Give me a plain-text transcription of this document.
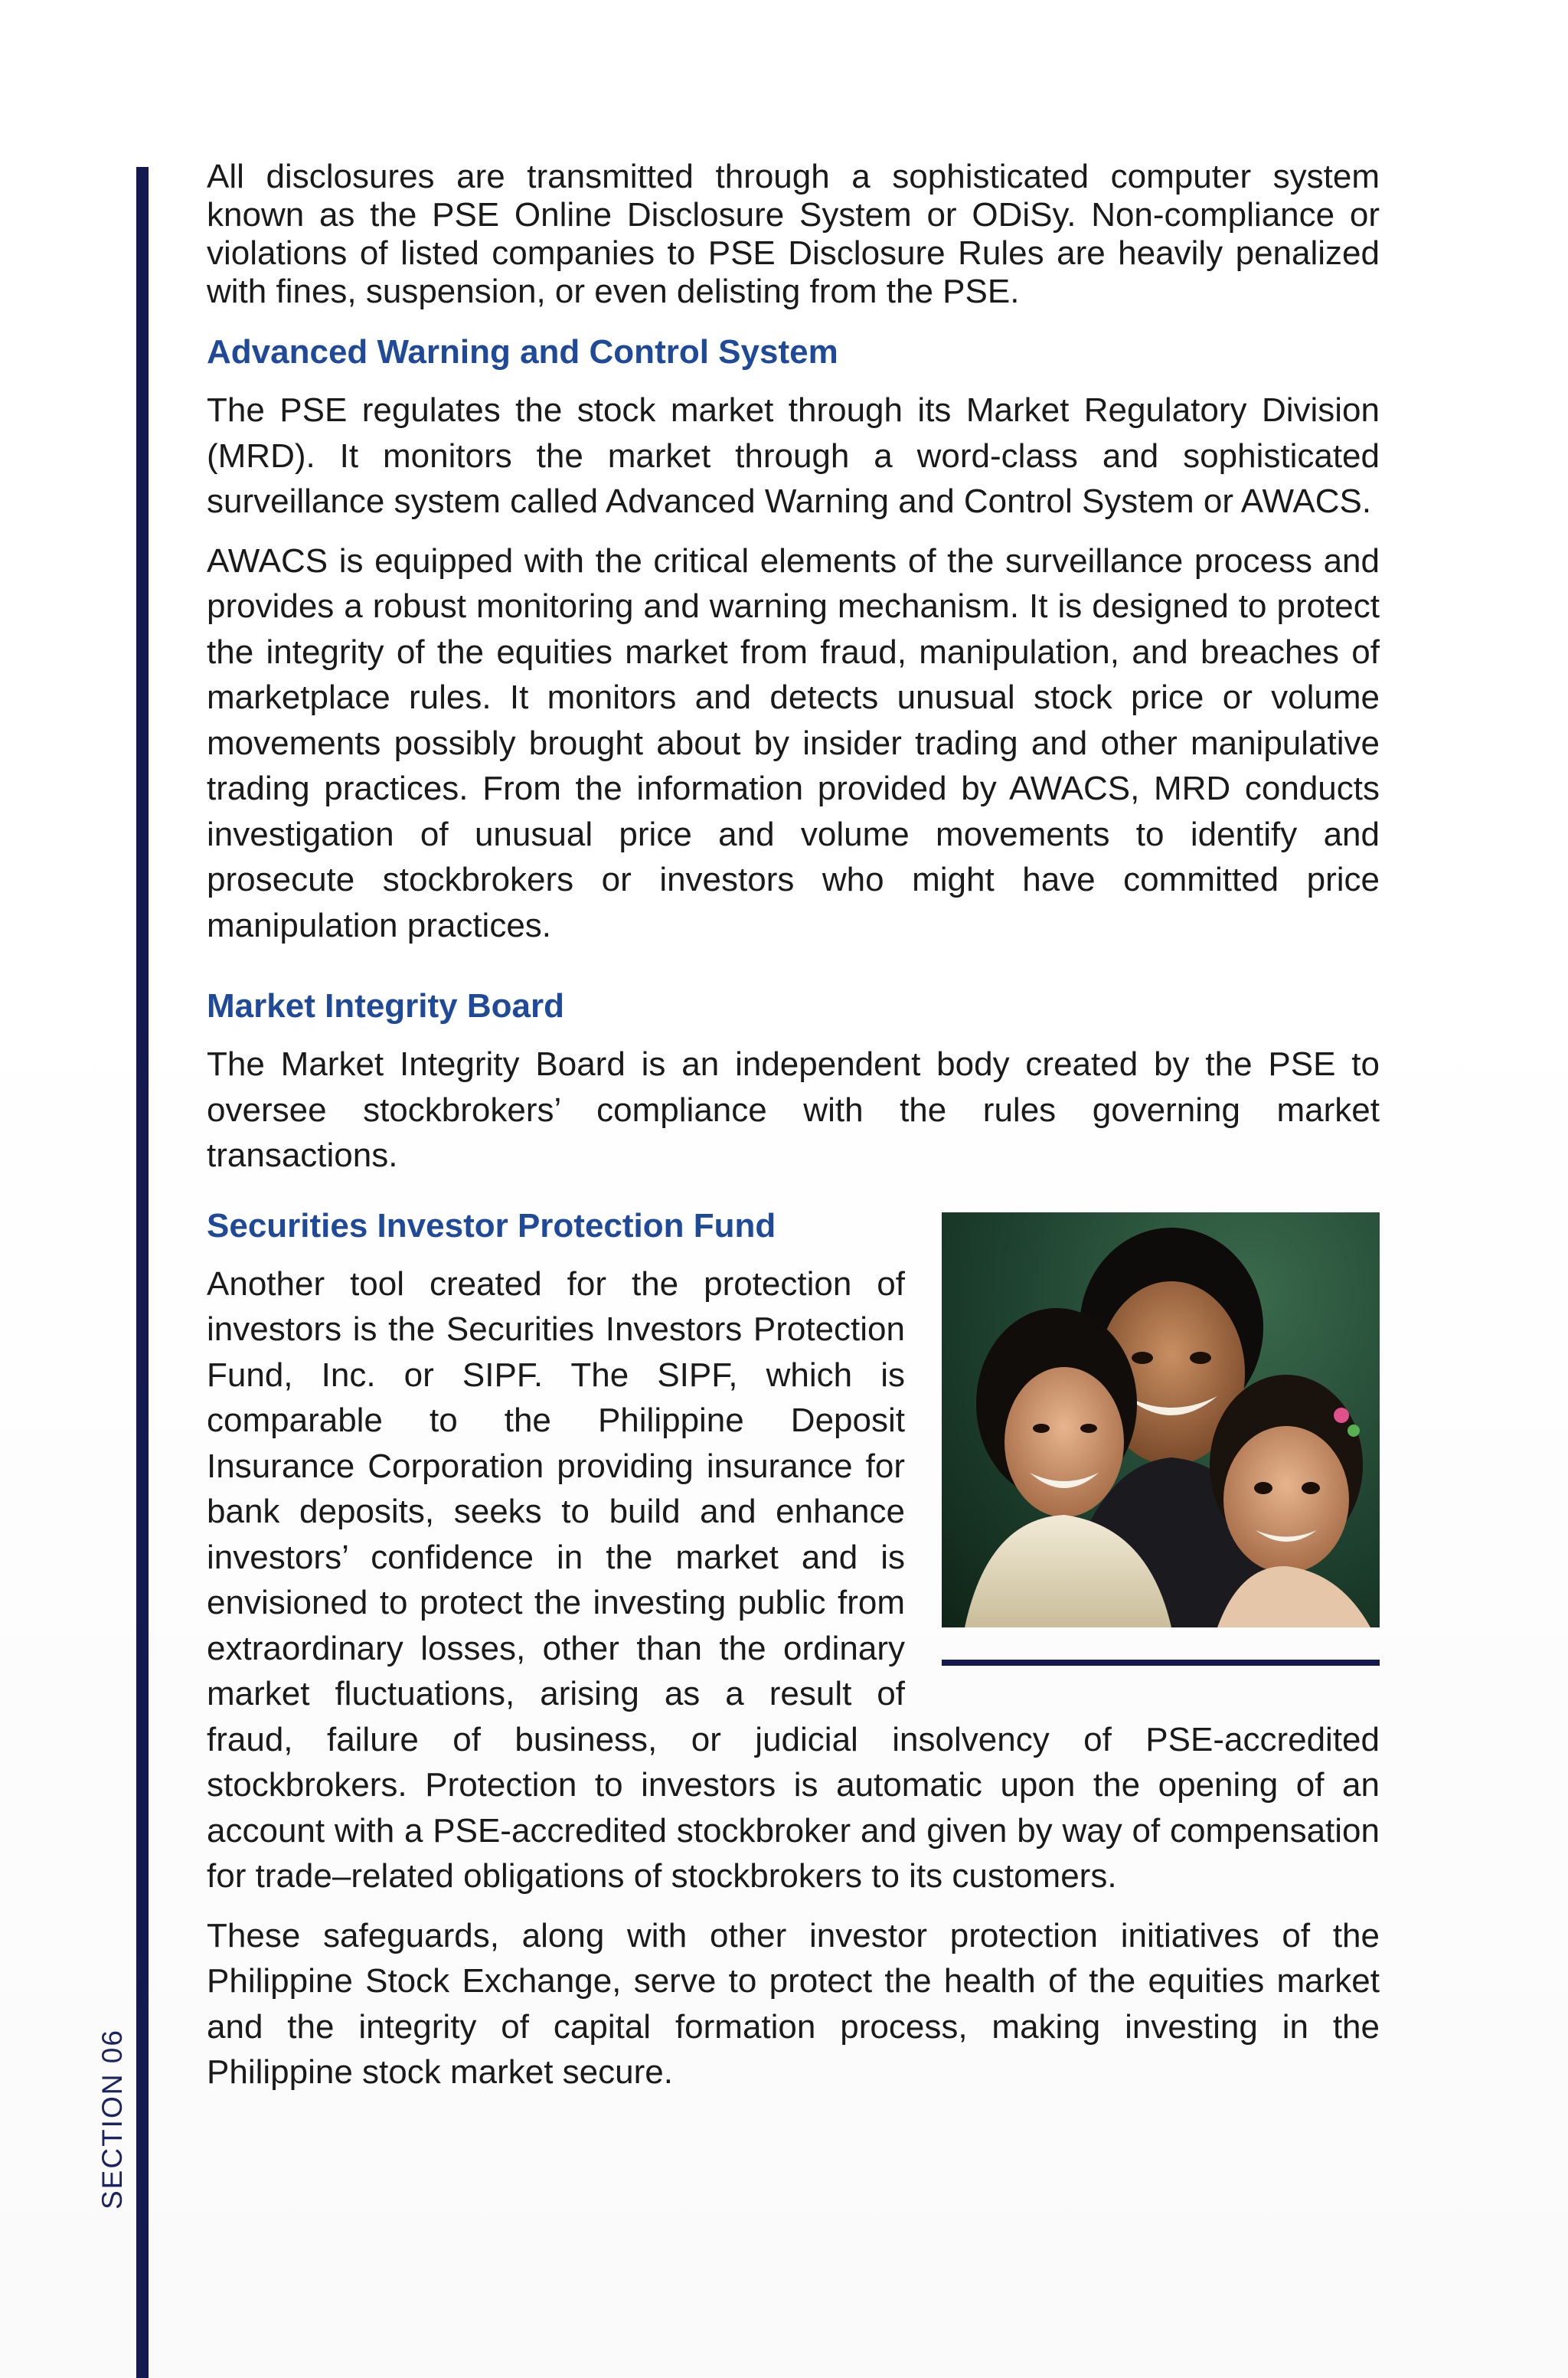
SECTION 06

All disclosures are transmitted through a sophisticated computer system known as the PSE Online Disclosure System or ODiSy. Non-compliance or violations of listed companies to PSE Disclosure Rules are heavily penalized with fines, suspension, or even delisting from the PSE.

Advanced Warning and Control System

The PSE regulates the stock market through its Market Regulatory Division (MRD). It monitors the market through a word-class and sophisticated surveillance system called Advanced Warning and Control System or AWACS.

AWACS is equipped with the critical elements of the surveillance process and provides a robust monitoring and warning mechanism. It is designed to protect the integrity of the equities market from fraud, manipulation, and breaches of marketplace rules. It monitors and detects unusual stock price or volume movements possibly brought about by insider trading and other manipulative trading practices. From the information provided by AWACS, MRD conducts investigation of unusual price and volume movements to identify and prosecute stockbrokers or investors who might have committed price manipulation practices.

Market Integrity Board

The Market Integrity Board is an independent body created by the PSE to oversee stockbrokers’ compliance with the rules governing market transactions.

Securities Investor Protection Fund

Another tool created for the protection of investors is the Securities Investors Protection Fund, Inc. or SIPF. The SIPF, which is comparable to the Philippine Deposit Insurance Corporation providing insurance for bank deposits, seeks to build and enhance investors’ confidence in the market and is envisioned to protect the investing public from extraordinary losses, other than the ordinary market fluctuations, arising as a result of fraud, failure of business, or judicial insolvency of PSE-accredited stockbrokers. Protection to investors is automatic upon the opening of an account with a PSE-accredited stockbroker and given by way of compensation for trade–related obligations of stockbrokers to its customers.

These safeguards, along with other investor protection initiatives of the Philippine Stock Exchange, serve to protect the health of the equities market and the integrity of capital formation process, making investing in the Philippine stock market secure.
